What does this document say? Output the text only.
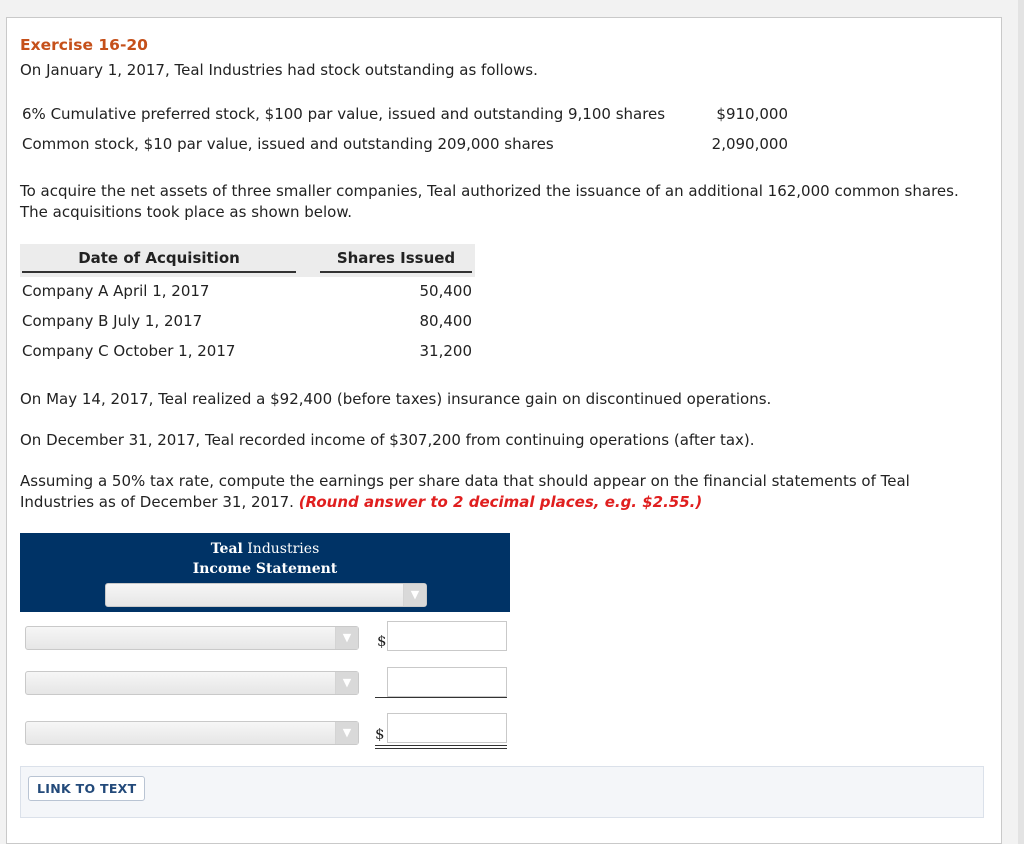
Exercise 16-20
On January 1, 2017, Teal Industries had stock outstanding as follows.
6% Cumulative preferred stock, $100 par value, issued and outstanding 9,100 shares	$910,000
Common stock, $10 par value, issued and outstanding 209,000 shares	2,090,000
To acquire the net assets of three smaller companies, Teal authorized the issuance of an additional 162,000 common shares. The acquisitions took place as shown below.
Date of Acquisition	Shares Issued
Company A April 1, 2017	50,400
Company B July 1, 2017	80,400
Company C October 1, 2017	31,200
On May 14, 2017, Teal realized a $92,400 (before taxes) insurance gain on discontinued operations.
On December 31, 2017, Teal recorded income of $307,200 from continuing operations (after tax).
Assuming a 50% tax rate, compute the earnings per share data that should appear on the financial statements of Teal Industries as of December 31, 2017. (Round answer to 2 decimal places, e.g. $2.55.)
Teal Industries
Income Statement
▼
▼	$
▼
▼	$
LINK TO TEXT
